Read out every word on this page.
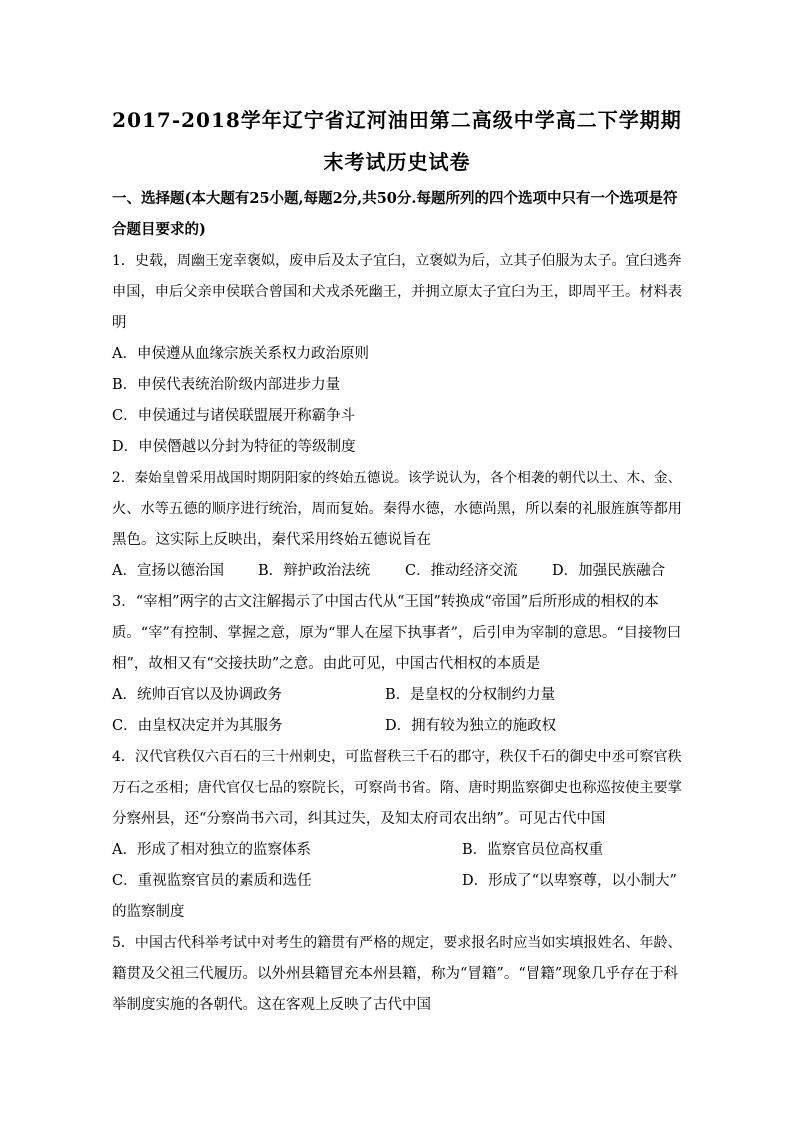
2017-2018学年辽宁省辽河油田第二高级中学高二下学期期
末考试历史试卷
一、选择题(本大题有25小题,每题2分,共50分.每题所列的四个选项中只有一个选项是符
合题目要求的)
1．史载，周幽王宠幸褒姒，废申后及太子宜臼，立褒姒为后，立其子伯服为太子。宜臼逃奔
申国，申后父亲申侯联合曾国和犬戎杀死幽王，并拥立原太子宜臼为王，即周平王。材料表
明
A．申侯遵从血缘宗族关系权力政治原则
B．申侯代表统治阶级内部进步力量
C．申侯通过与诸侯联盟展开称霸争斗
D．申侯僭越以分封为特征的等级制度
2．秦始皇曾采用战国时期阴阳家的终始五德说。该学说认为，各个相袭的朝代以土、木、金、
火、水等五德的顺序进行统治，周而复始。秦得水德，水德尚黑，所以秦的礼服旌旗等都用
黑色。这实际上反映出，秦代采用终始五德说旨在
A．宣扬以德治国 B．辩护政治法统 C．推动经济交流 D．加强民族融合
3．“宰相”两字的古文注解揭示了中国古代从“王国”转换成“帝国”后所形成的相权的本
质。“宰”有控制、掌握之意，原为“罪人在屋下执事者”，后引申为宰制的意思。“目接物曰
相”，故相又有“交接扶助”之意。由此可见，中国古代相权的本质是
A．统帅百官以及协调政务	B．是皇权的分权制约力量
C．由皇权决定并为其服务	D．拥有较为独立的施政权
4．汉代官秩仅六百石的三十州刺史，可监督秩三千石的郡守，秩仅千石的御史中丞可察官秩
万石之丞相；唐代官仅七品的察院长，可察尚书省。隋、唐时期监察御史也称巡按使主要掌
分察州县，还“分察尚书六司，纠其过失，及知太府司农出纳”。可见古代中国
A．形成了相对独立的监察体系	B．监察官员位高权重
C．重视监察官员的素质和选任	D．形成了“以卑察尊，以小制大”
的监察制度
5．中国古代科举考试中对考生的籍贯有严格的规定，要求报名时应当如实填报姓名、年龄、
籍贯及父祖三代履历。以外州县籍冒充本州县籍，称为“冒籍”。“冒籍”现象几乎存在于科
举制度实施的各朝代。这在客观上反映了古代中国
